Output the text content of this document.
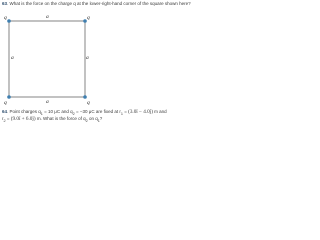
63. What is the force on the charge q at the lower-right-hand corner of the square shown here?
q	q
q	q
a
a	a
a
64. Point charges $q_1 = 10$ μC and $q_2 = -30$ μC are fixed at $r_1$ = (3.0î − 4.0ĵ) m and
$r_2$ = (9.0î + 6.0ĵ) m. What is the force of $q_2$ on $q_1$?
